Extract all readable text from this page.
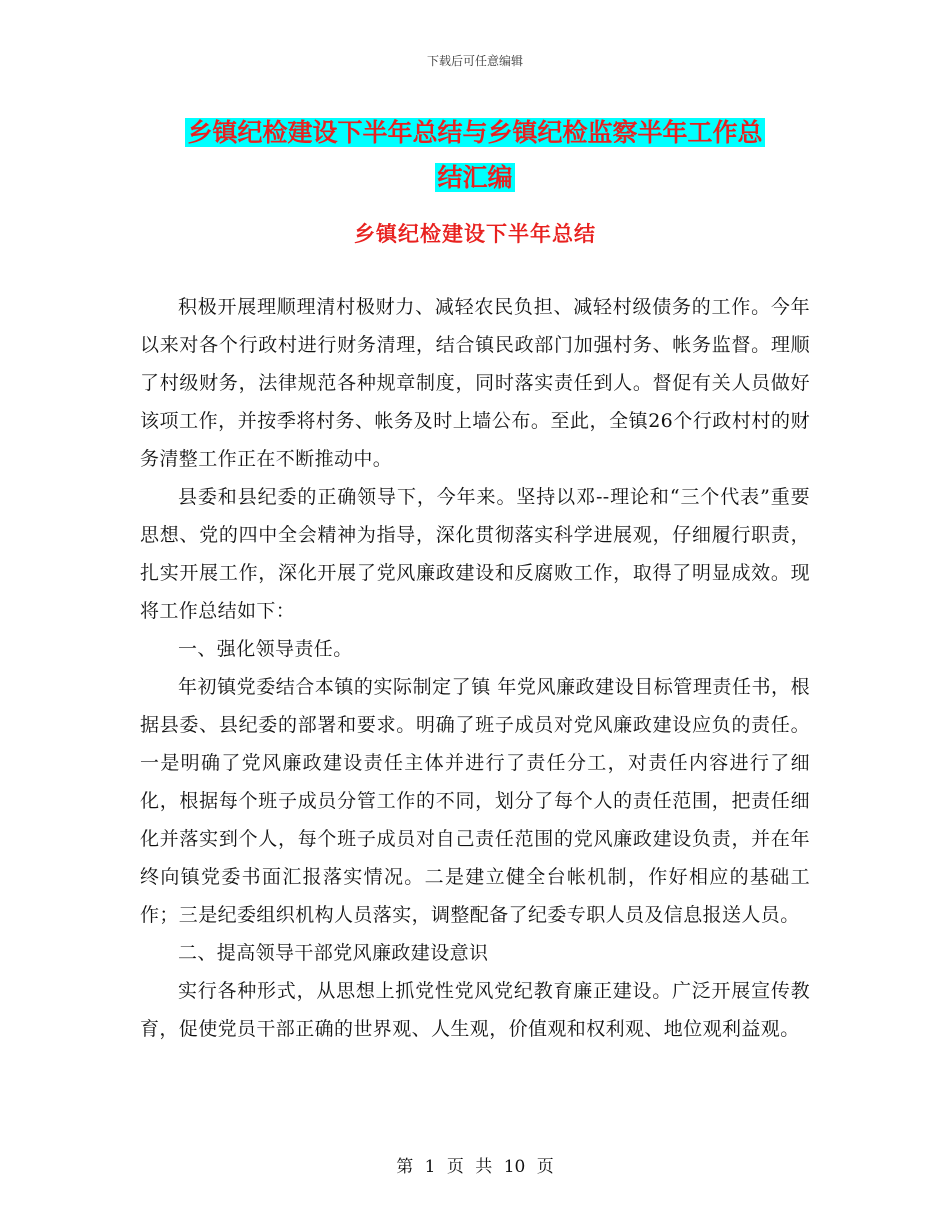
下载后可任意编辑
乡镇纪检建设下半年总结与乡镇纪检监察半年工作总
结汇编
乡镇纪检建设下半年总结

积极开展理顺理清村极财力、减轻农民负担、减轻村级债务的工作。今年以来对各个行政村进行财务清理，结合镇民政部门加强村务、帐务监督。理顺了村级财务，法律规范各种规章制度，同时落实责任到人。督促有关人员做好该项工作，并按季将村务、帐务及时上墙公布。至此，全镇26个行政村村的财务清整工作正在不断推动中。

县委和县纪委的正确领导下，今年来。坚持以邓--理论和“三个代表”重要思想、党的四中全会精神为指导，深化贯彻落实科学进展观，仔细履行职责，扎实开展工作，深化开展了党风廉政建设和反腐败工作，取得了明显成效。现将工作总结如下：

一、强化领导责任。

年初镇党委结合本镇的实际制定了镇 年党风廉政建设目标管理责任书，根据县委、县纪委的部署和要求。明确了班子成员对党风廉政建设应负的责任。一是明确了党风廉政建设责任主体并进行了责任分工，对责任内容进行了细化，根据每个班子成员分管工作的不同，划分了每个人的责任范围，把责任细化并落实到个人，每个班子成员对自己责任范围的党风廉政建设负责，并在年终向镇党委书面汇报落实情况。二是建立健全台帐机制，作好相应的基础工作；三是纪委组织机构人员落实，调整配备了纪委专职人员及信息报送人员。

二、提高领导干部党风廉政建设意识

实行各种形式，从思想上抓党性党风党纪教育廉正建设。广泛开展宣传教育，促使党员干部正确的世界观、人生观，价值观和权利观、地位观利益观。

第 1 页 共 10 页
